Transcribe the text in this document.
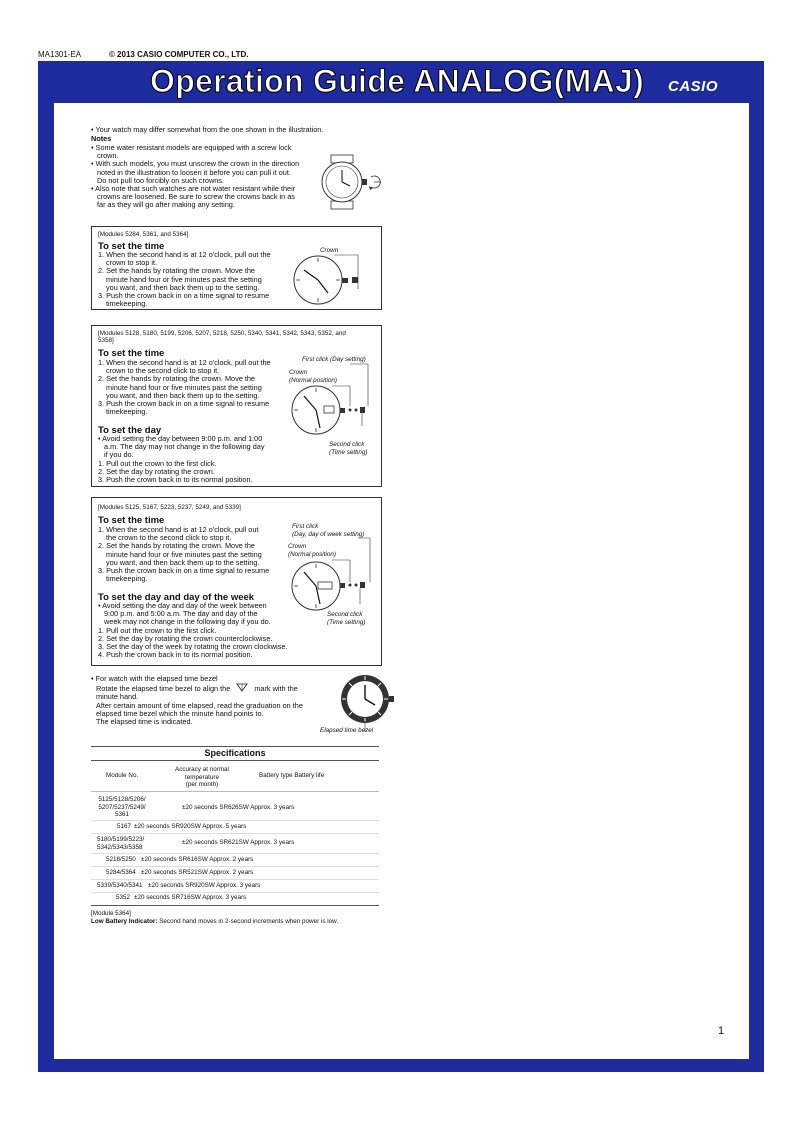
MA1301-EA	© 2013 CASIO COMPUTER CO., LTD.
Operation Guide ANALOG(MAJ) CASIO
• Your watch may differ somewhat from the one shown in the illustration.
Notes
• Some water resistant models are equipped with a screw lock
crown.
• With such models, you must unscrew the crown in the direction
noted in the illustration to loosen it before you can pull it out.
Do not pull too forcibly on such crowns.
• Also note that such watches are not water resistant while their
crowns are loosened. Be sure to screw the crowns back in as
far as they will go after making any setting.
[Modules 5284, 5361, and 5364]
To set the time
1. When the second hand is at 12 o'clock, pull out the
crown to stop it.
2. Set the hands by rotating the crown. Move the
minute hand four or five minutes past the setting
you want, and then back them up to the setting.
3. Push the crown back in on a time signal to resume
timekeeping.
Crown
[Modules 5128, 5180, 5199, 5206, 5207, 5218, 5250, 5340, 5341, 5342, 5343, 5352, and
5358]
To set the time
1. When the second hand is at 12 o'clock, pull out the
crown to the second click to stop it.
2. Set the hands by rotating the crown. Move the
minute hand four or five minutes past the setting
you want, and then back them up to the setting.
3. Push the crown back in on a time signal to resume
timekeeping.
To set the day
• Avoid setting the day between 9:00 p.m. and 1:00
a.m. The day may not change in the following day
if you do.
1. Pull out the crown to the first click.
2. Set the day by rotating the crown.
3. Push the crown back in to its normal position.
First click (Day setting)
Crown
(Normal position)
Second click
(Time setting)
[Modules 5125, 5167, 5223, 5237, 5249, and 5339]
To set the time
1. When the second hand is at 12 o'clock, pull out
the crown to the second click to stop it.
2. Set the hands by rotating the crown. Move the
minute hand four or five minutes past the setting
you want, and then back them up to the setting.
3. Push the crown back in on a time signal to resume
timekeeping.
To set the day and day of the week
• Avoid setting the day and day of the week between
9:00 p.m. and 5:00 a.m. The day and day of the
week may not change in the following day if you do.
1. Pull out the crown to the first click.
2. Set the day by rotating the crown counterclockwise.
3. Set the day of the week by rotating the crown clockwise.
4. Push the crown back in to its normal position.
First click
(Day, day of week setting)
Crown
(Normal position)
Second click
(Time setting)
• For watch with the elapsed time bezel
Rotate the elapsed time bezel to align the	mark with the
minute hand.
After certain amount of time elapsed, read the graduation on the
elapsed time bezel which the minute hand points to.
The elapsed time is indicated.
Elapsed time bezel
Specifications
Module No.
Accuracy at normal
temperature
(per month)
Battery type Battery life
5125/5128/5206/
5207/5237/5249/
5361
±20 seconds SR626SW Approx. 3 years
5167 ±20 seconds SR920SW Approx. 5 years
5180/5199/5223/
5342/5343/5358
±20 seconds SR621SW Approx. 3 years
5218/5250 ±20 seconds SR616SW Approx. 2 years
5284/5364 ±20 seconds SR521SW Approx. 2 years
5339/5340/5341 ±20 seconds SR920SW Approx. 3 years
5352 ±20 seconds SR716SW Approx. 3 years
[Module 5364]
Low Battery Indicator: Second hand moves in 2-second increments when power is low.
1
